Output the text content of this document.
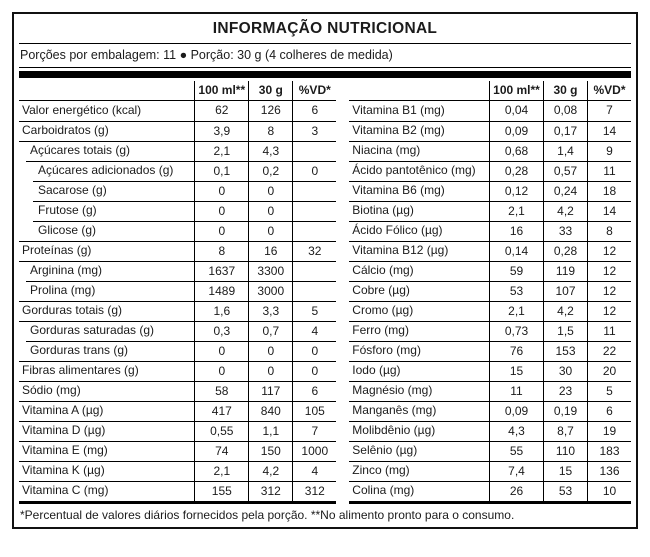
INFORMAÇÃO NUTRICIONAL
Porções por embalagem: 11 ● Porção: 30 g (4 colheres de medida)
100 ml**	30 g	%VD*
Valor energético (kcal)	62	126	6
Carboidratos (g)	3,9	8	3
Açúcares totais (g)	2,1	4,3
Açúcares adicionados (g)	0,1	0,2	0
Sacarose (g)	0	0
Frutose (g)	0	0
Glicose (g)	0	0
Proteínas (g)	8	16	32
Arginina (mg)	1637	3300
Prolina (mg)	1489	3000
Gorduras totais (g)	1,6	3,3	5
Gorduras saturadas (g)	0,3	0,7	4
Gorduras trans (g)	0	0	0
Fibras alimentares (g)	0	0	0
Sódio (mg)	58	117	6
Vitamina A (µg)	417	840	105
Vitamina D (µg)	0,55	1,1	7
Vitamina E (mg)	74	150	1000
Vitamina K (µg)	2,1	4,2	4
Vitamina C (mg)	155	312	312
100 ml**	30 g	%VD*
Vitamina B1 (mg)	0,04	0,08	7
Vitamina B2 (mg)	0,09	0,17	14
Niacina (mg)	0,68	1,4	9
Ácido pantotênico (mg)	0,28	0,57	11
Vitamina B6 (mg)	0,12	0,24	18
Biotina (µg)	2,1	4,2	14
Ácido Fólico (µg)	16	33	8
Vitamina B12 (µg)	0,14	0,28	12
Cálcio (mg)	59	119	12
Cobre (µg)	53	107	12
Cromo (µg)	2,1	4,2	12
Ferro (mg)	0,73	1,5	11
Fósforo (mg)	76	153	22
Iodo (µg)	15	30	20
Magnésio (mg)	11	23	5
Manganês (mg)	0,09	0,19	6
Molibdênio (µg)	4,3	8,7	19
Selênio (µg)	55	110	183
Zinco (mg)	7,4	15	136
Colina (mg)	26	53	10
*Percentual de valores diários fornecidos pela porção. **No alimento pronto para o consumo.
